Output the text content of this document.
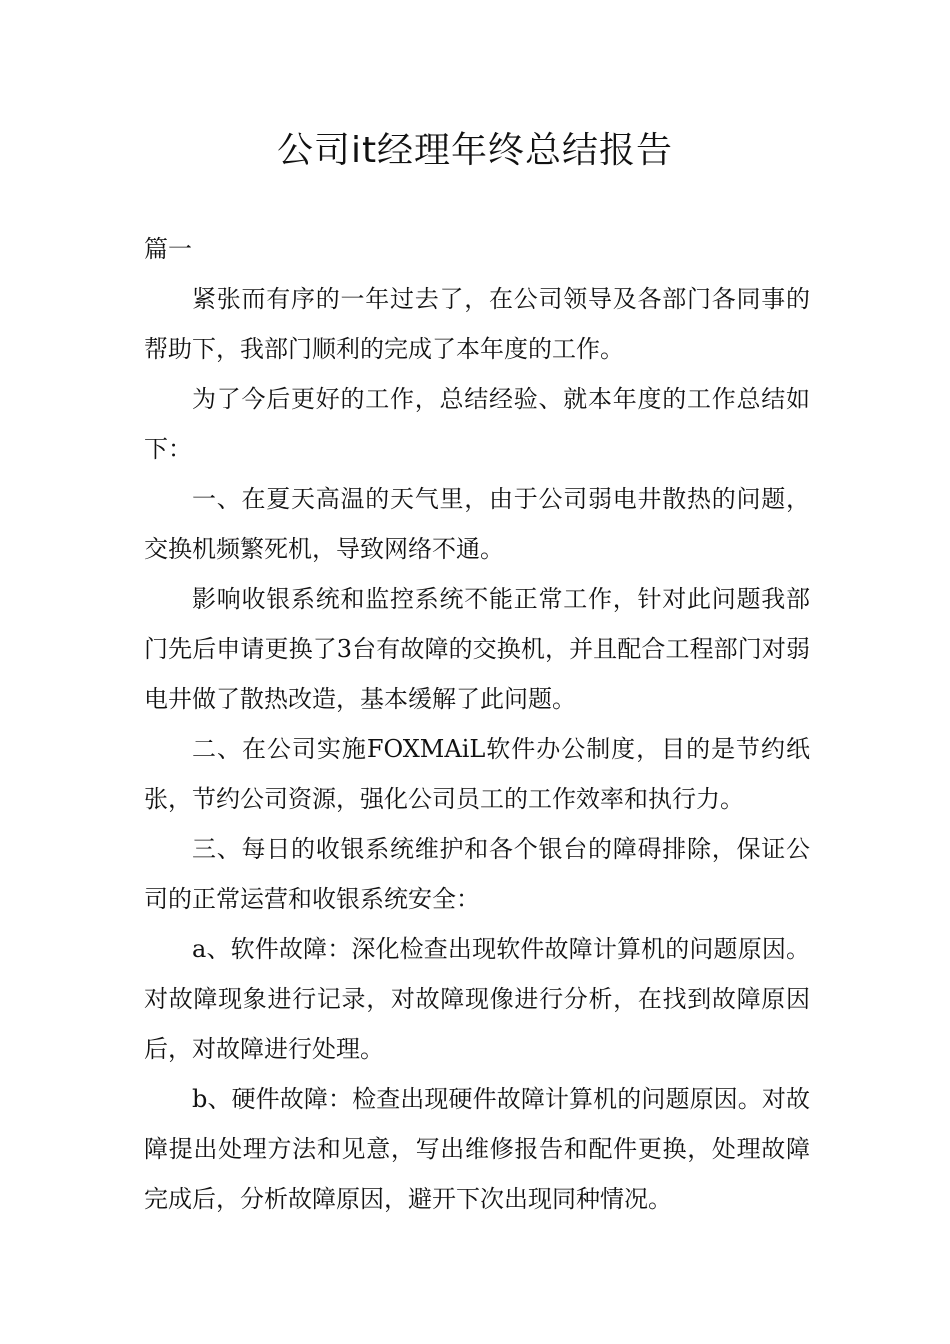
公司it经理年终总结报告

篇一

紧张而有序的一年过去了，在公司领导及各部门各同事的帮助下，我部门顺利的完成了本年度的工作。

为了今后更好的工作，总结经验、就本年度的工作总结如下：

一、在夏天高温的天气里，由于公司弱电井散热的问题，交换机频繁死机，导致网络不通。

影响收银系统和监控系统不能正常工作，针对此问题我部门先后申请更换了3台有故障的交换机，并且配合工程部门对弱电井做了散热改造，基本缓解了此问题。

二、在公司实施FOXMAiL软件办公制度，目的是节约纸张，节约公司资源，强化公司员工的工作效率和执行力。

三、每日的收银系统维护和各个银台的障碍排除，保证公司的正常运营和收银系统安全：

a、软件故障：深化检查出现软件故障计算机的问题原因。对故障现象进行记录，对故障现像进行分析，在找到故障原因后，对故障进行处理。

b、硬件故障：检查出现硬件故障计算机的问题原因。对故障提出处理方法和见意，写出维修报告和配件更换，处理故障完成后，分析故障原因，避开下次出现同种情况。
